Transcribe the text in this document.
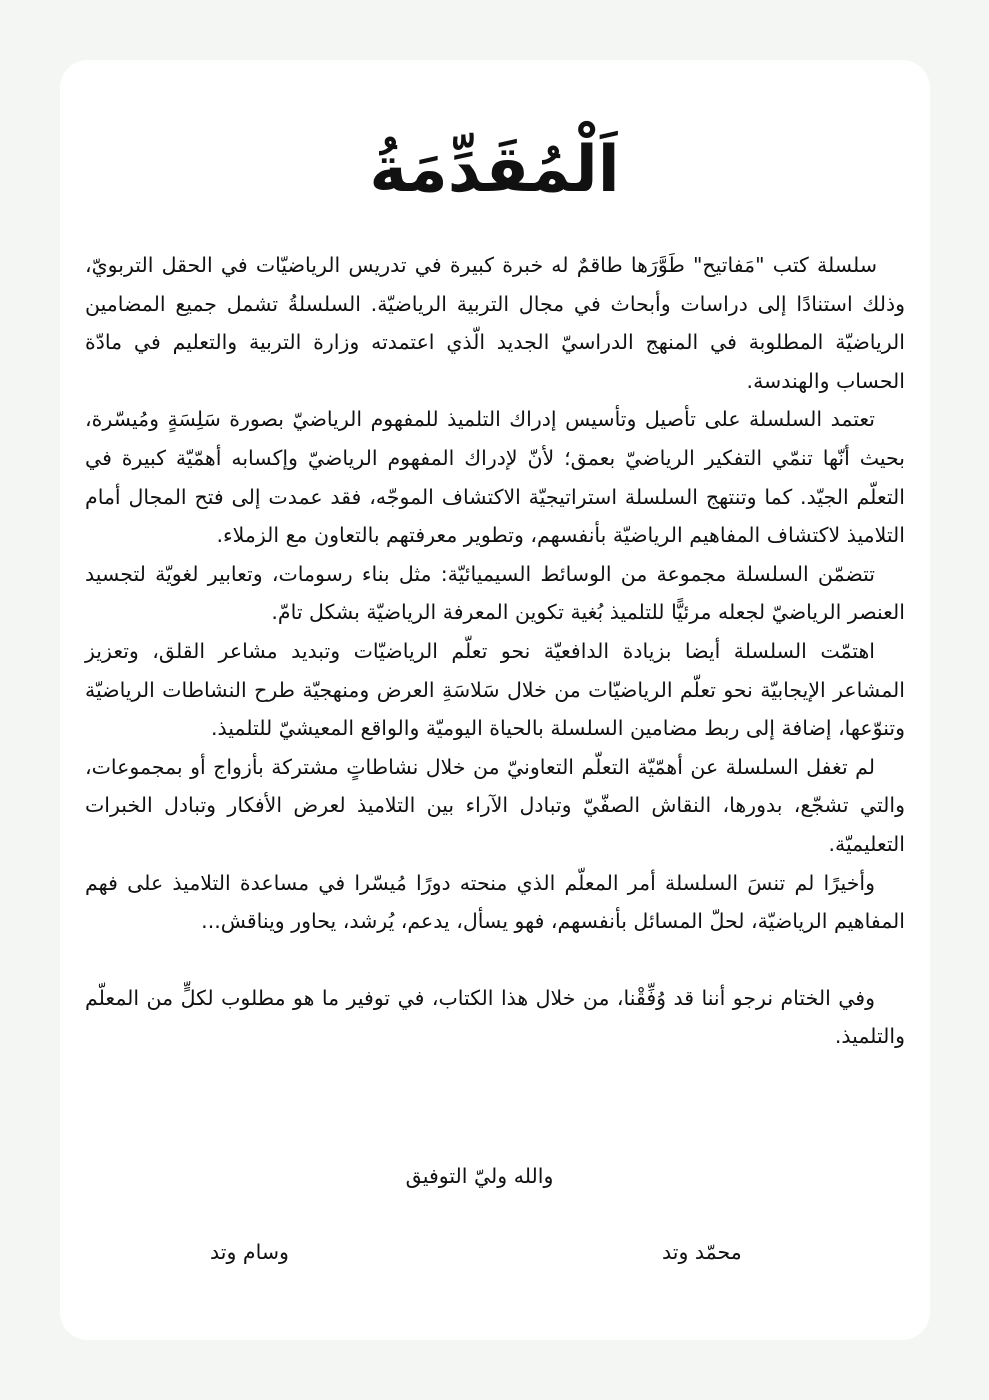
اَلْمُقَدِّمَةُ

سلسلة كتب "مَفاتيح" طَوَّرَها طاقمٌ له خبرة كبيرة في تدريس الرياضيّات في الحقل التربويّ، وذلك استنادًا إلى دراسات وأبحاث في مجال التربية الرياضيّة. السلسلةُ تشمل جميع المضامين الرياضيّة المطلوبة في المنهج الدراسيّ الجديد الّذي اعتمدته وزارة التربية والتعليم في مادّة الحساب والهندسة.

تعتمد السلسلة على تأصيل وتأسيس إدراك التلميذ للمفهوم الرياضيّ بصورة سَلِسَةٍ ومُيسّرة، بحيث أنّها تنمّي التفكير الرياضيّ بعمق؛ لأنّ لإدراك المفهوم الرياضيّ وإكسابه أهمّيّة كبيرة في التعلّم الجيّد. كما وتنتهج السلسلة استراتيجيّة الاكتشاف الموجّه، فقد عمدت إلى فتح المجال أمام التلاميذ لاكتشاف المفاهيم الرياضيّة بأنفسهم، وتطوير معرفتهم بالتعاون مع الزملاء.

تتضمّن السلسلة مجموعة من الوسائط السيميائيّة: مثل بناء رسومات، وتعابير لغويّة لتجسيد العنصر الرياضيّ لجعله مرئيًّا للتلميذ بُغية تكوين المعرفة الرياضيّة بشكل تامّ.

اهتمّت السلسلة أيضا بزيادة الدافعيّة نحو تعلّم الرياضيّات وتبديد مشاعر القلق، وتعزيز المشاعر الإيجابيّة نحو تعلّم الرياضيّات من خلال سَلاسَةِ العرض ومنهجيّة طرح النشاطات الرياضيّة وتنوّعها، إضافة إلى ربط مضامين السلسلة بالحياة اليوميّة والواقع المعيشيّ للتلميذ.

لم تغفل السلسلة عن أهمّيّة التعلّم التعاونيّ من خلال نشاطاتٍ مشتركة بأزواج أو بمجموعات، والتي تشجّع، بدورها، النقاش الصفّيّ وتبادل الآراء بين التلاميذ لعرض الأفكار وتبادل الخبرات التعليميّة.

وأخيرًا لم تنسَ السلسلة أمر المعلّم الذي منحته دورًا مُيسّرا في مساعدة التلاميذ على فهم المفاهيم الرياضيّة، لحلّ المسائل بأنفسهم، فهو يسأل، يدعم، يُرشد، يحاور ويناقش...

وفي الختام نرجو أننا قد وُفِّقْنا، من خلال هذا الكتاب، في توفير ما هو مطلوب لكلٍّ من المعلّم والتلميذ.

والله وليّ التوفيق
محمّد وتد
وسام وتد
